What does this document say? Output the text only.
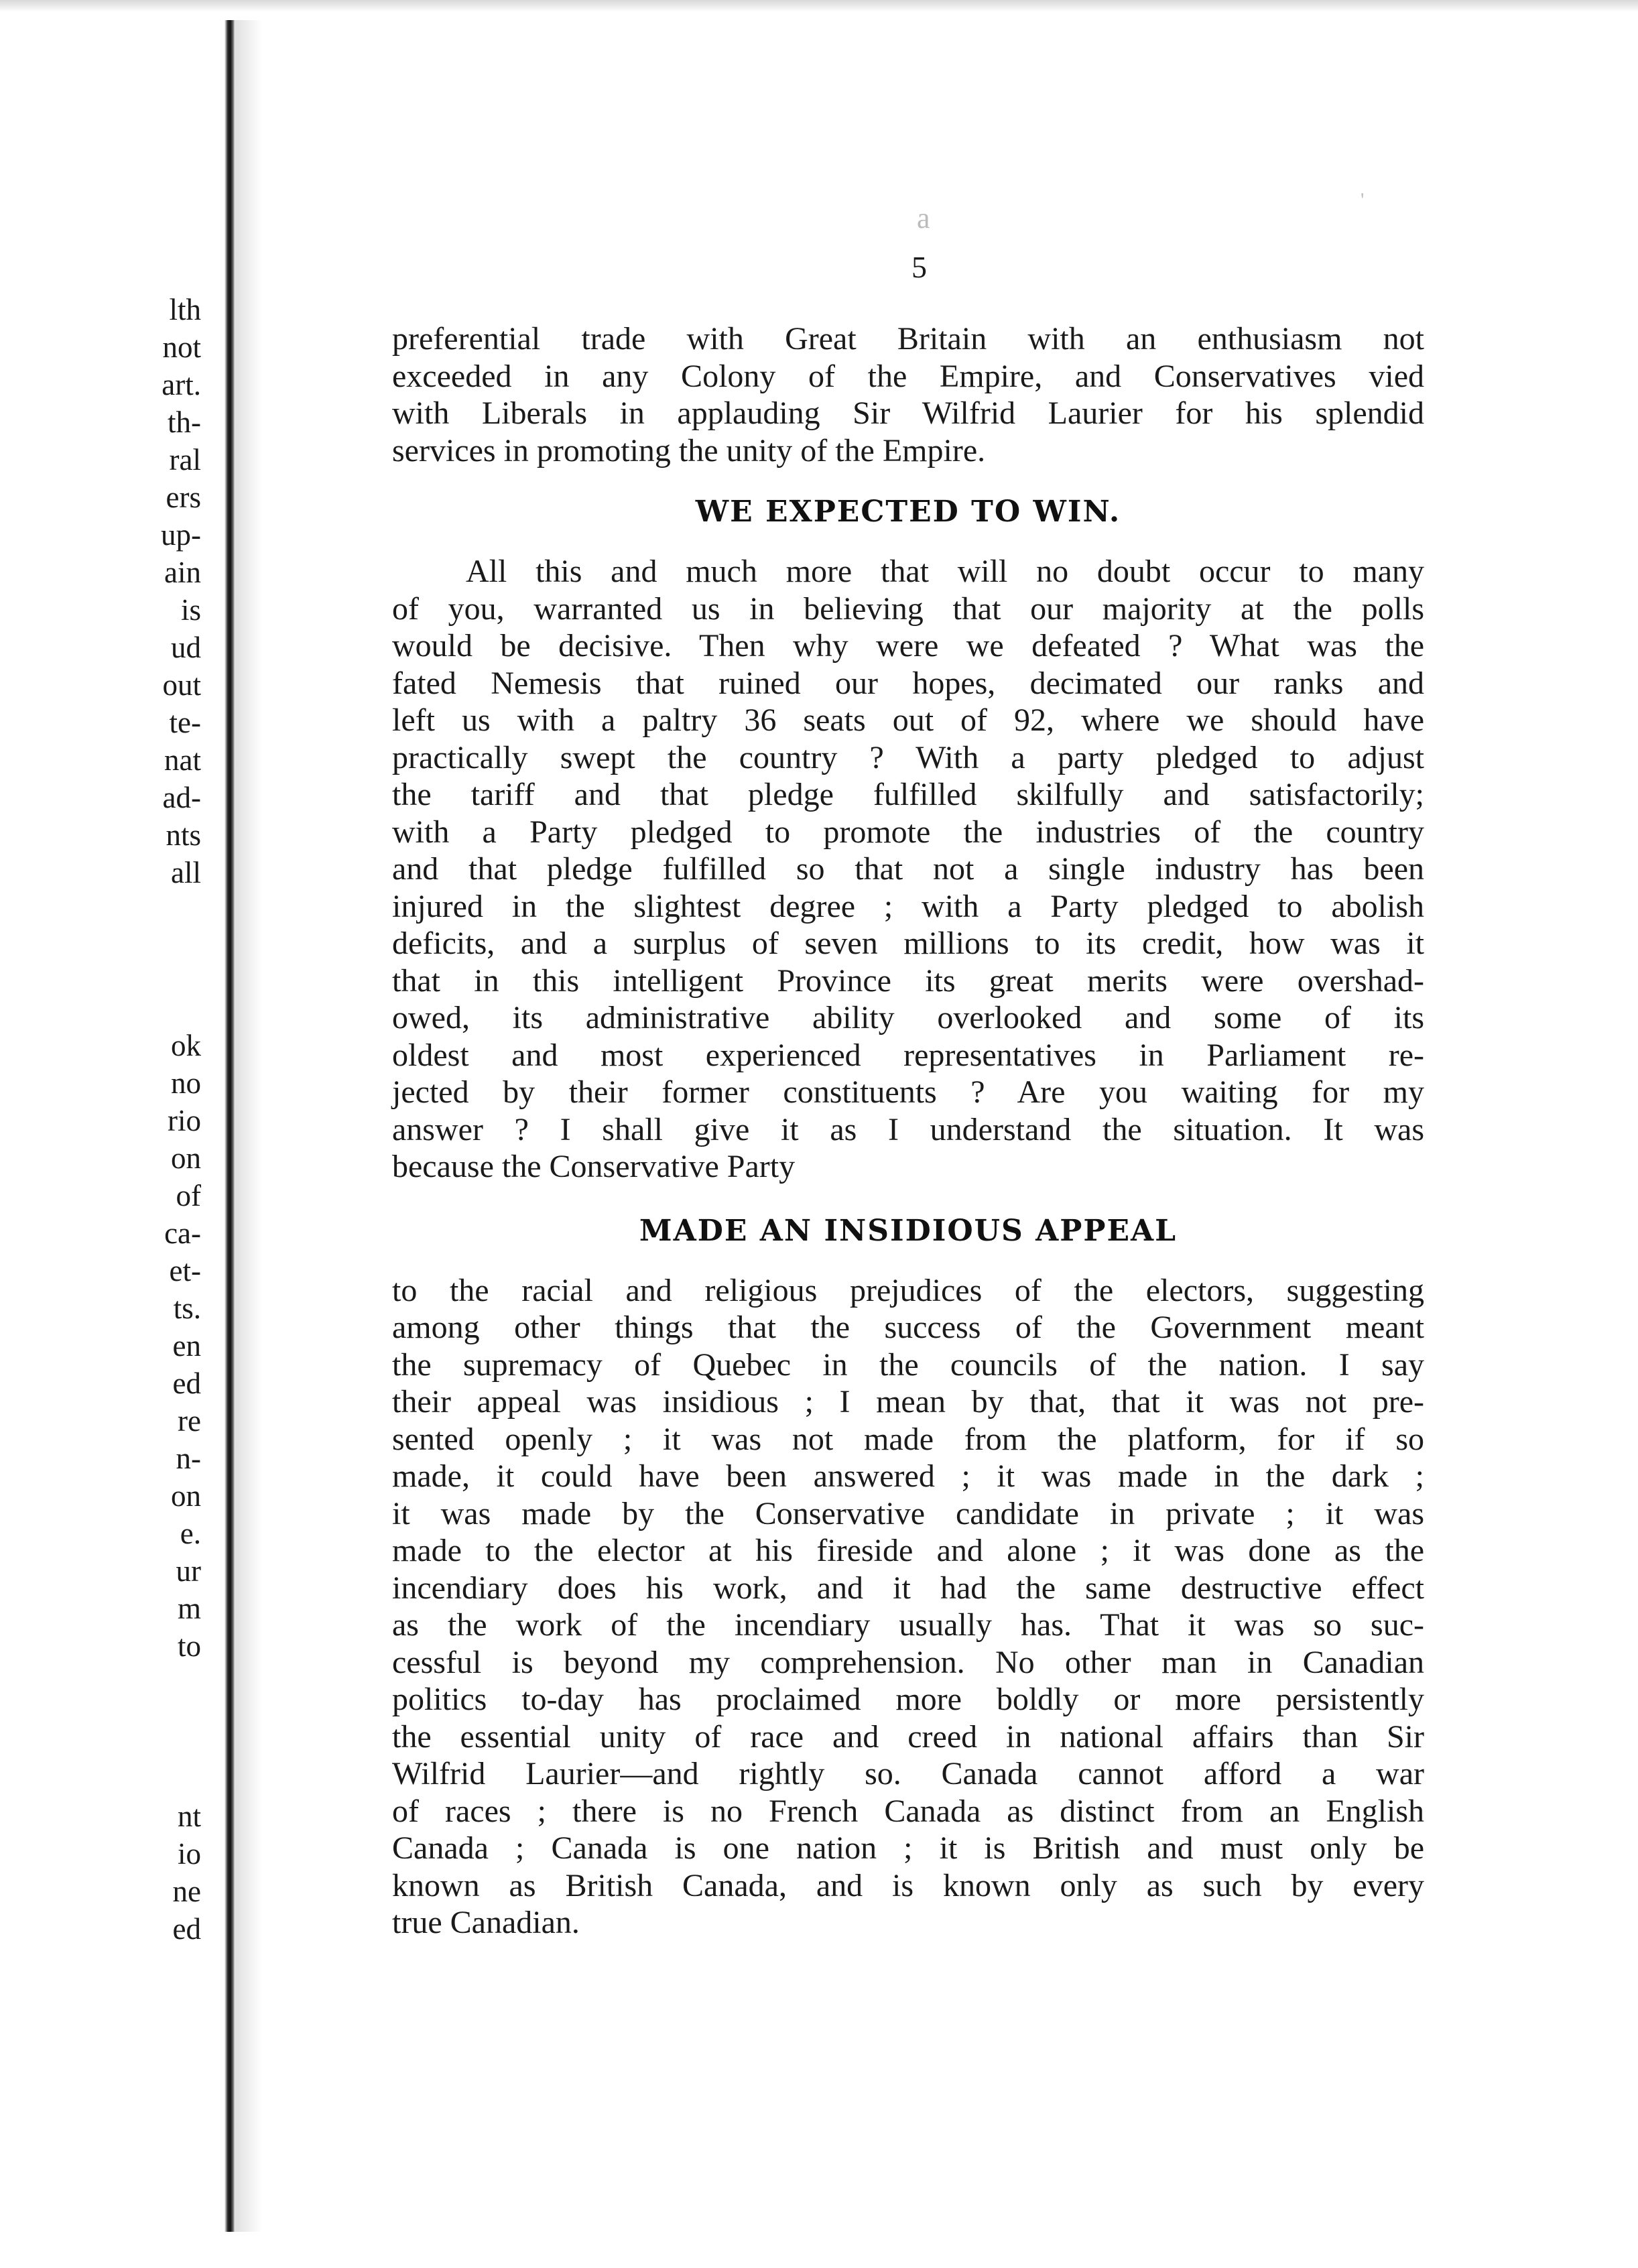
lth
not
art.
th-
ral
ers
up-
ain
is
ud
out
te-
nat
ad-
nts
all
ok
no
rio
on
of
ca-
et-
ts.
en
ed
re
n-
on
e.
ur
m
to
nt
io
ne
ed
a
'
5
preferential trade with Great Britain with an enthusiasm not
exceeded in any Colony of the Empire, and Conservatives vied
with Liberals in applauding Sir Wilfrid Laurier for his splendid
services in promoting the unity of the Empire.
WE EXPECTED TO WIN.
All this and much more that will no doubt occur to many
of you, warranted us in believing that our majority at the polls
would be decisive. Then why were we defeated ? What was the
fated Nemesis that ruined our hopes, decimated our ranks and
left us with a paltry 36 seats out of 92, where we should have
practically swept the country ? With a party pledged to adjust
the tariff and that pledge fulfilled skilfully and satisfactorily;
with a Party pledged to promote the industries of the country
and that pledge fulfilled so that not a single industry has been
injured in the slightest degree ; with a Party pledged to abolish
deficits, and a surplus of seven millions to its credit, how was it
that in this intelligent Province its great merits were overshad-
owed, its administrative ability overlooked and some of its
oldest and most experienced representatives in Parliament re-
jected by their former constituents ? Are you waiting for my
answer ? I shall give it as I understand the situation. It was
because the Conservative Party
MADE AN INSIDIOUS APPEAL
to the racial and religious prejudices of the electors, suggesting
among other things that the success of the Government meant
the supremacy of Quebec in the councils of the nation. I say
their appeal was insidious ; I mean by that, that it was not pre-
sented openly ; it was not made from the platform, for if so
made, it could have been answered ; it was made in the dark ;
it was made by the Conservative candidate in private ; it was
made to the elector at his fireside and alone ; it was done as the
incendiary does his work, and it had the same destructive effect
as the work of the incendiary usually has. That it was so suc-
cessful is beyond my comprehension. No other man in Canadian
politics to-day has proclaimed more boldly or more persistently
the essential unity of race and creed in national affairs than Sir
Wilfrid Laurier—and rightly so. Canada cannot afford a war
of races ; there is no French Canada as distinct from an English
Canada ; Canada is one nation ; it is British and must only be
known as British Canada, and is known only as such by every
true Canadian.
